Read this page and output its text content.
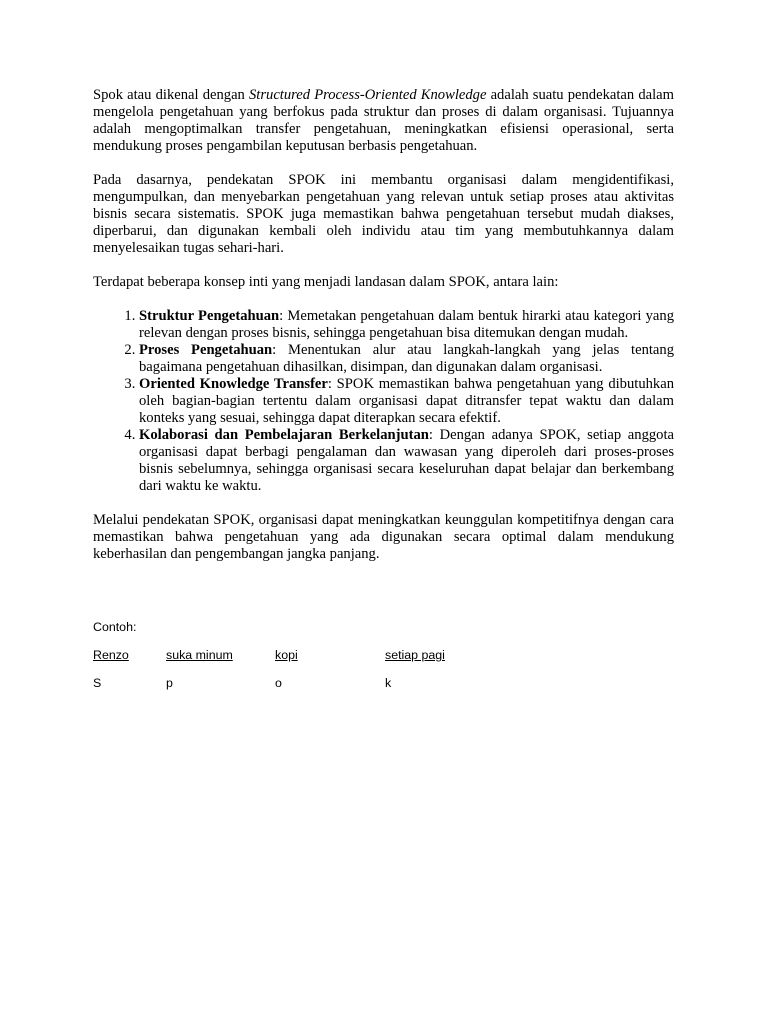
Spok atau dikenal dengan Structured Process-Oriented Knowledge adalah suatu pendekatan dalam mengelola pengetahuan yang berfokus pada struktur dan proses di dalam organisasi. Tujuannya adalah mengoptimalkan transfer pengetahuan, meningkatkan efisiensi operasional, serta mendukung proses pengambilan keputusan berbasis pengetahuan.

Pada dasarnya, pendekatan SPOK ini membantu organisasi dalam mengidentifikasi, mengumpulkan, dan menyebarkan pengetahuan yang relevan untuk setiap proses atau aktivitas bisnis secara sistematis. SPOK juga memastikan bahwa pengetahuan tersebut mudah diakses, diperbarui, dan digunakan kembali oleh individu atau tim yang membutuhkannya dalam menyelesaikan tugas sehari-hari.

Terdapat beberapa konsep inti yang menjadi landasan dalam SPOK, antara lain:

1. Struktur Pengetahuan: Memetakan pengetahuan dalam bentuk hirarki atau kategori yang relevan dengan proses bisnis, sehingga pengetahuan bisa ditemukan dengan mudah.
2. Proses Pengetahuan: Menentukan alur atau langkah-langkah yang jelas tentang bagaimana pengetahuan dihasilkan, disimpan, dan digunakan dalam organisasi.
3. Oriented Knowledge Transfer: SPOK memastikan bahwa pengetahuan yang dibutuhkan oleh bagian-bagian tertentu dalam organisasi dapat ditransfer tepat waktu dan dalam konteks yang sesuai, sehingga dapat diterapkan secara efektif.
4. Kolaborasi dan Pembelajaran Berkelanjutan: Dengan adanya SPOK, setiap anggota organisasi dapat berbagi pengalaman dan wawasan yang diperoleh dari proses-proses bisnis sebelumnya, sehingga organisasi secara keseluruhan dapat belajar dan berkembang dari waktu ke waktu.

Melalui pendekatan SPOK, organisasi dapat meningkatkan keunggulan kompetitifnya dengan cara memastikan bahwa pengetahuan yang ada digunakan secara optimal dalam mendukung keberhasilan dan pengembangan jangka panjang.

Contoh:
Renzo	suka minum	kopi	setiap pagi
S	p	o	k
